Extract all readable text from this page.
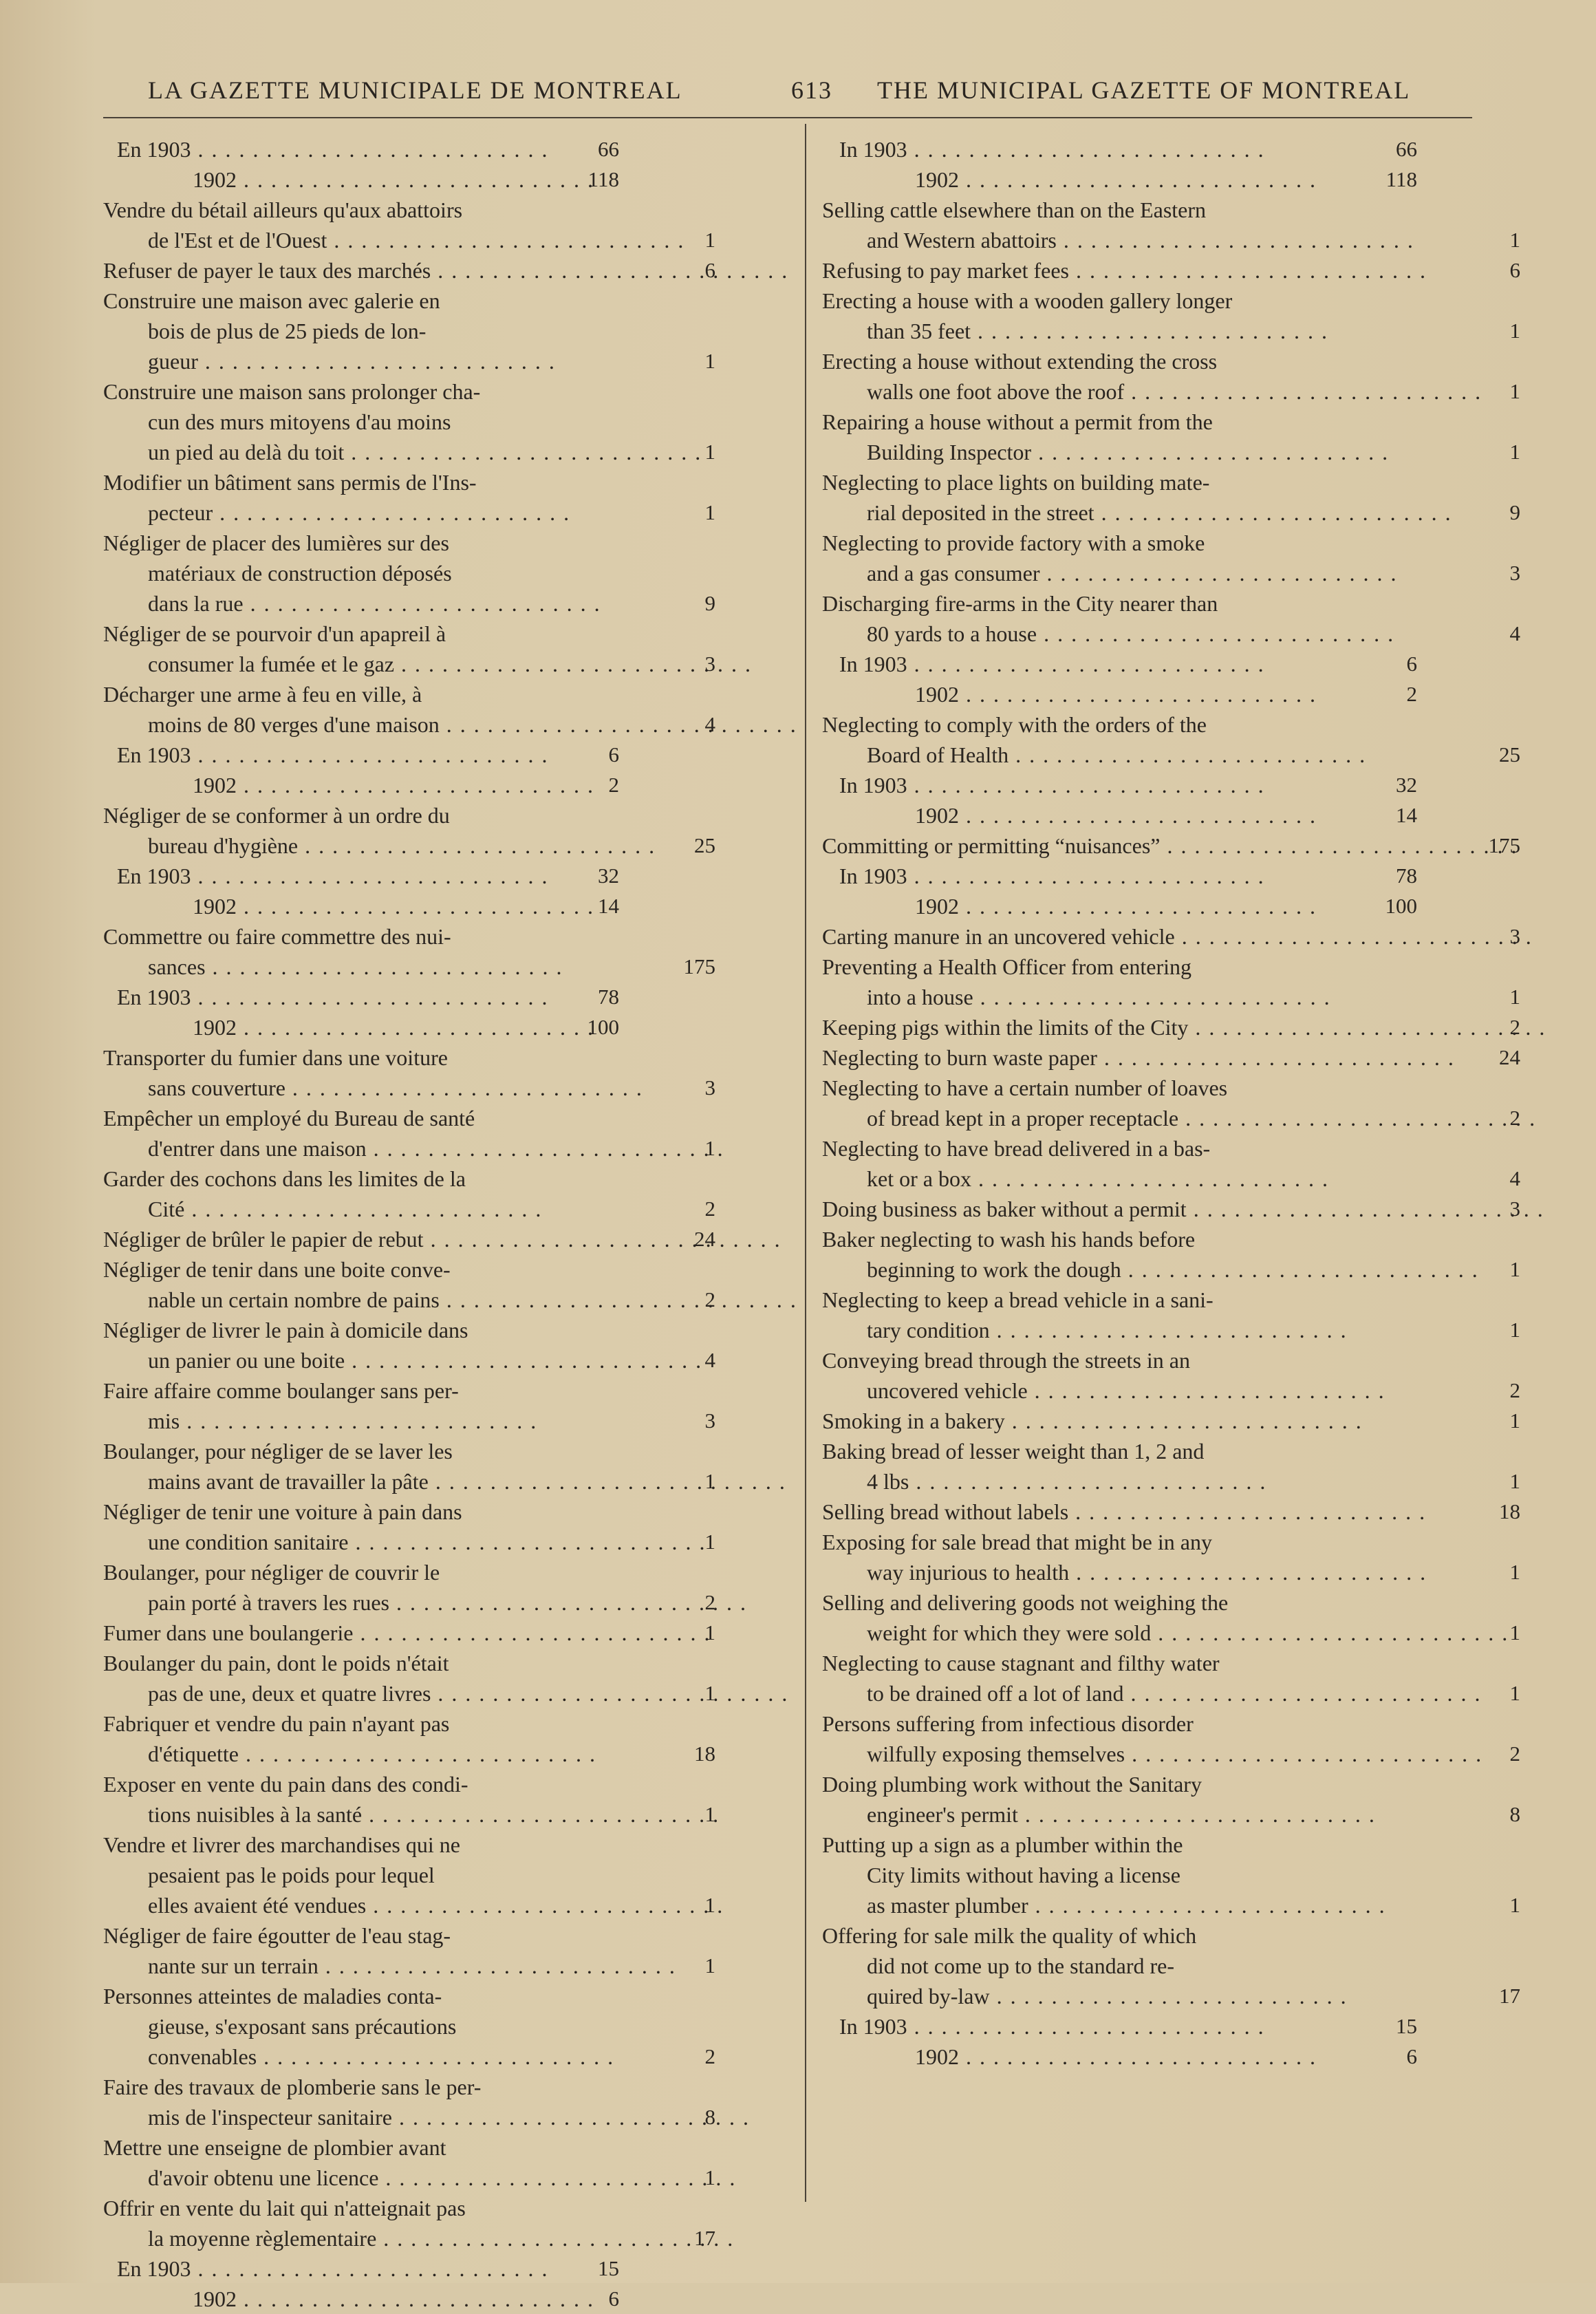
LA GAZETTE MUNICIPALE DE MONTREAL	613 THE MUNICIPAL GAZETTE OF MONTREAL
En 1903 . . .	66
1902 . . .	118
Vendre du bétail ailleurs qu'aux abattoirs
de l'Est et de l'Ouest . . .	1
Refuser de payer le taux des marchés . . .	6
Construire une maison avec galerie en
bois de plus de 25 pieds de lon-
gueur . . .	1
Construire une maison sans prolonger cha-
cun des murs mitoyens d'au moins
un pied au delà du toit . . .	1
Modifier un bâtiment sans permis de l'Ins-
pecteur . . .	1
Négliger de placer des lumières sur des
matériaux de construction déposés
dans la rue . . .	9
Négliger de se pourvoir d'un apapreil à
consumer la fumée et le gaz . . .	3
Décharger une arme à feu en ville, à
moins de 80 verges d'une maison . . .	4
En 1903 . . .	6
1902 . . .	2
Négliger de se conformer à un ordre du
bureau d'hygiène . . .	25
En 1903 . . .	32
1902 . . .	14
Commettre ou faire commettre des nui-
sances . . .	175
En 1903 . . .	78
1902 . . .	100
Transporter du fumier dans une voiture
sans couverture . . .	3
Empêcher un employé du Bureau de santé
d'entrer dans une maison . . .	1
Garder des cochons dans les limites de la
Cité . . .	2
Négliger de brûler le papier de rebut . . .	24
Négliger de tenir dans une boite conve-
nable un certain nombre de pains . . .	2
Négliger de livrer le pain à domicile dans
un panier ou une boite . . .	4
Faire affaire comme boulanger sans per-
mis . . .	3
Boulanger, pour négliger de se laver les
mains avant de travailler la pâte . . .	1
Négliger de tenir une voiture à pain dans
une condition sanitaire . . .	1
Boulanger, pour négliger de couvrir le
pain porté à travers les rues . . .	2
Fumer dans une boulangerie . . .	1
Boulanger du pain, dont le poids n'était
pas de une, deux et quatre livres . . .	1
Fabriquer et vendre du pain n'ayant pas
d'étiquette . . .	18
Exposer en vente du pain dans des condi-
tions nuisibles à la santé . . .	1
Vendre et livrer des marchandises qui ne
pesaient pas le poids pour lequel
elles avaient été vendues . . .	1
Négliger de faire égoutter de l'eau stag-
nante sur un terrain . . .	1
Personnes atteintes de maladies conta-
gieuse, s'exposant sans précautions
convenables . . .	2
Faire des travaux de plomberie sans le per-
mis de l'inspecteur sanitaire . . .	8
Mettre une enseigne de plombier avant
d'avoir obtenu une licence . . .	1
Offrir en vente du lait qui n'atteignait pas
la moyenne règlementaire . . .	17
En 1903 . . .	15
1902 . . .	6
In 1903 . . .	66
1902 . . .	118
Selling cattle elsewhere than on the Eastern
and Western abattoirs . . .	1
Refusing to pay market fees . . .	6
Erecting a house with a wooden gallery longer
than 35 feet . . .	1
Erecting a house without extending the cross
walls one foot above the roof . . .	1
Repairing a house without a permit from the
Building Inspector . . .	1
Neglecting to place lights on building mate-
rial deposited in the street . . .	9
Neglecting to provide factory with a smoke
and a gas consumer . . .	3
Discharging fire-arms in the City nearer than
80 yards to a house . . .	4
In 1903 . . .	6
1902 . . .	2
Neglecting to comply with the orders of the
Board of Health . . .	25
In 1903 . . .	32
1902 . . .	14
Committing or permitting “nuisances” . . .	175
In 1903 . . .	78
1902 . . .	100
Carting manure in an uncovered vehicle . . .	3
Preventing a Health Officer from entering
into a house . . .	1
Keeping pigs within the limits of the City . . .	2
Neglecting to burn waste paper . . .	24
Neglecting to have a certain number of loaves
of bread kept in a proper receptacle . . .	2
Neglecting to have bread delivered in a bas-
ket or a box . . .	4
Doing business as baker without a permit . . .	3
Baker neglecting to wash his hands before
beginning to work the dough . . .	1
Neglecting to keep a bread vehicle in a sani-
tary condition . . .	1
Conveying bread through the streets in an
uncovered vehicle . . .	2
Smoking in a bakery . . .	1
Baking bread of lesser weight than 1, 2 and
4 lbs . . .	1
Selling bread without labels . . .	18
Exposing for sale bread that might be in any
way injurious to health . . .	1
Selling and delivering goods not weighing the
weight for which they were sold . . .	1
Neglecting to cause stagnant and filthy water
to be drained off a lot of land . . .	1
Persons suffering from infectious disorder
wilfully exposing themselves . . .	2
Doing plumbing work without the Sanitary
engineer's permit . . .	8
Putting up a sign as a plumber within the
City limits without having a license
as master plumber . . .	1
Offering for sale milk the quality of which
did not come up to the standard re-
quired by-law . . .	17
In 1903 . . .	15
1902 . . .	6
